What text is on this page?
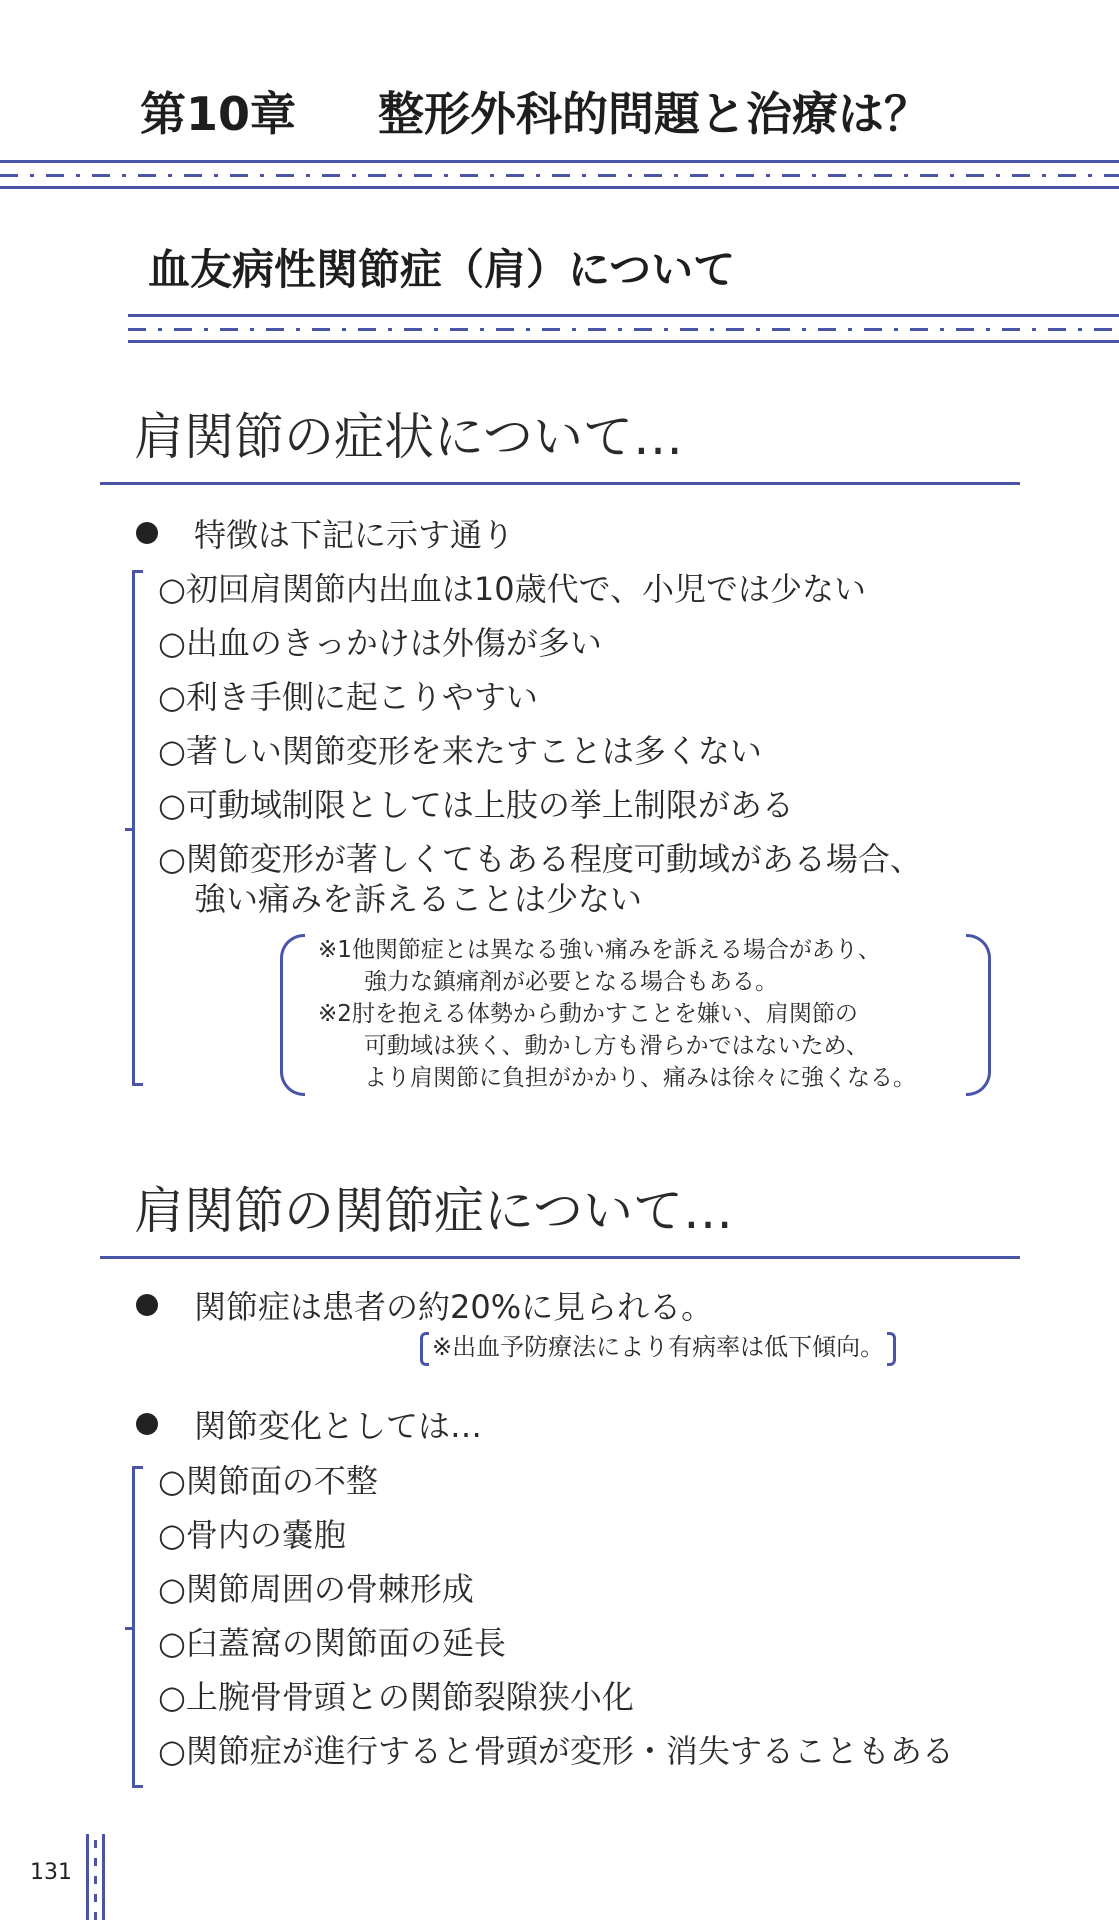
第10章 整形外科的問題と治療は？
血友病性関節症（肩）について
肩関節の症状について…
特徴は下記に示す通り
○初回肩関節内出血は10歳代で、小児では少ない
○出血のきっかけは外傷が多い
○利き手側に起こりやすい
○著しい関節変形を来たすことは多くない
○可動域制限としては上肢の挙上制限がある
○関節変形が著しくてもある程度可動域がある場合、
強い痛みを訴えることは少ない
※1他関節症とは異なる強い痛みを訴える場合があり、
強力な鎮痛剤が必要となる場合もある。
※2肘を抱える体勢から動かすことを嫌い、肩関節の
可動域は狭く、動かし方も滑らかではないため、
より肩関節に負担がかかり、痛みは徐々に強くなる。
肩関節の関節症について…
関節症は患者の約20%に見られる。
※出血予防療法により有病率は低下傾向。
関節変化としては…
○関節面の不整
○骨内の嚢胞
○関節周囲の骨棘形成
○臼蓋窩の関節面の延長
○上腕骨骨頭との関節裂隙狭小化
○関節症が進行すると骨頭が変形・消失することもある
131
